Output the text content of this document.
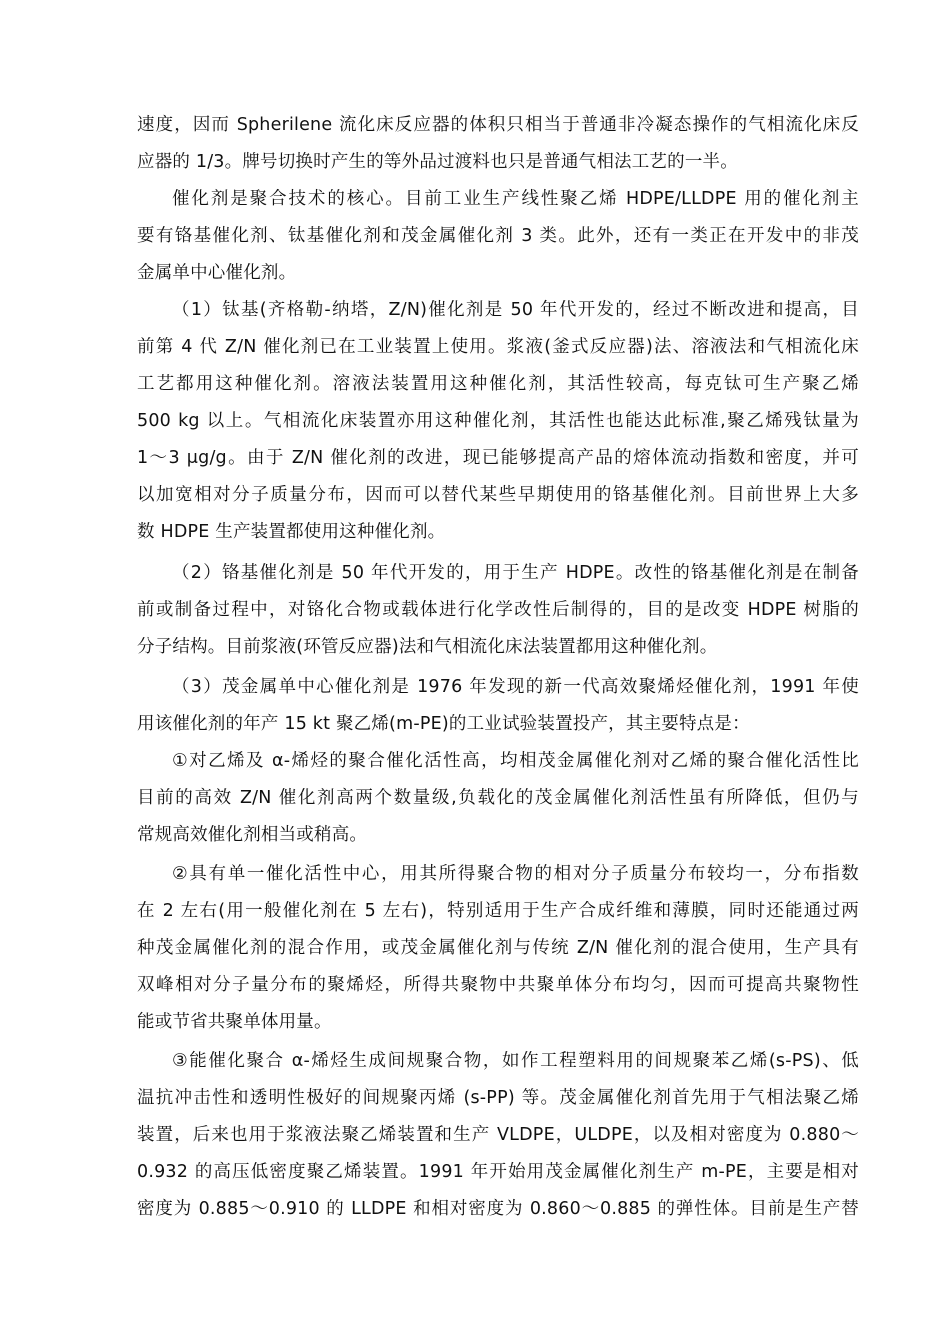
速度，因而 Spherilene 流化床反应器的体积只相当于普通非冷凝态操作的气相流化床反
应器的 1/3。牌号切换时产生的等外品过渡料也只是普通气相法工艺的一半。
催化剂是聚合技术的核心。目前工业生产线性聚乙烯 HDPE/LLDPE 用的催化剂主
要有铬基催化剂、钛基催化剂和茂金属催化剂 3 类。此外，还有一类正在开发中的非茂
金属单中心催化剂。
（1）钛基(齐格勒-纳塔，Z/N)催化剂是 50 年代开发的，经过不断改进和提高，目
前第 4 代 Z/N 催化剂已在工业装置上使用。浆液(釜式反应器)法、溶液法和气相流化床
工艺都用这种催化剂。溶液法装置用这种催化剂，其活性较高，每克钛可生产聚乙烯
500 kg 以上。气相流化床装置亦用这种催化剂，其活性也能达此标准,聚乙烯残钛量为
1～3 μg/g。由于 Z/N 催化剂的改进，现已能够提高产品的熔体流动指数和密度，并可
以加宽相对分子质量分布，因而可以替代某些早期使用的铬基催化剂。目前世界上大多
数 HDPE 生产装置都使用这种催化剂。
（2）铬基催化剂是 50 年代开发的，用于生产 HDPE。改性的铬基催化剂是在制备
前或制备过程中，对铬化合物或载体进行化学改性后制得的，目的是改变 HDPE 树脂的
分子结构。目前浆液(环管反应器)法和气相流化床法装置都用这种催化剂。
（3）茂金属单中心催化剂是 1976 年发现的新一代高效聚烯烃催化剂，1991 年使
用该催化剂的年产 15 kt 聚乙烯(m-PE)的工业试验装置投产，其主要特点是：
①对乙烯及 α-烯烃的聚合催化活性高，均相茂金属催化剂对乙烯的聚合催化活性比
目前的高效 Z/N 催化剂高两个数量级,负载化的茂金属催化剂活性虽有所降低，但仍与
常规高效催化剂相当或稍高。
②具有单一催化活性中心，用其所得聚合物的相对分子质量分布较均一，分布指数
在 2 左右(用一般催化剂在 5 左右)，特别适用于生产合成纤维和薄膜，同时还能通过两
种茂金属催化剂的混合作用，或茂金属催化剂与传统 Z/N 催化剂的混合使用，生产具有
双峰相对分子量分布的聚烯烃，所得共聚物中共聚单体分布均匀，因而可提高共聚物性
能或节省共聚单体用量。
③能催化聚合 α-烯烃生成间规聚合物，如作工程塑料用的间规聚苯乙烯(s-PS)、低
温抗冲击性和透明性极好的间规聚丙烯 (s-PP) 等。茂金属催化剂首先用于气相法聚乙烯
装置，后来也用于浆液法聚乙烯装置和生产 VLDPE，ULDPE，以及相对密度为 0.880～
0.932 的高压低密度聚乙烯装置。1991 年开始用茂金属催化剂生产 m-PE，主要是相对
密度为 0.885～0.910 的 LLDPE 和相对密度为 0.860～0.885 的弹性体。目前是生产替
